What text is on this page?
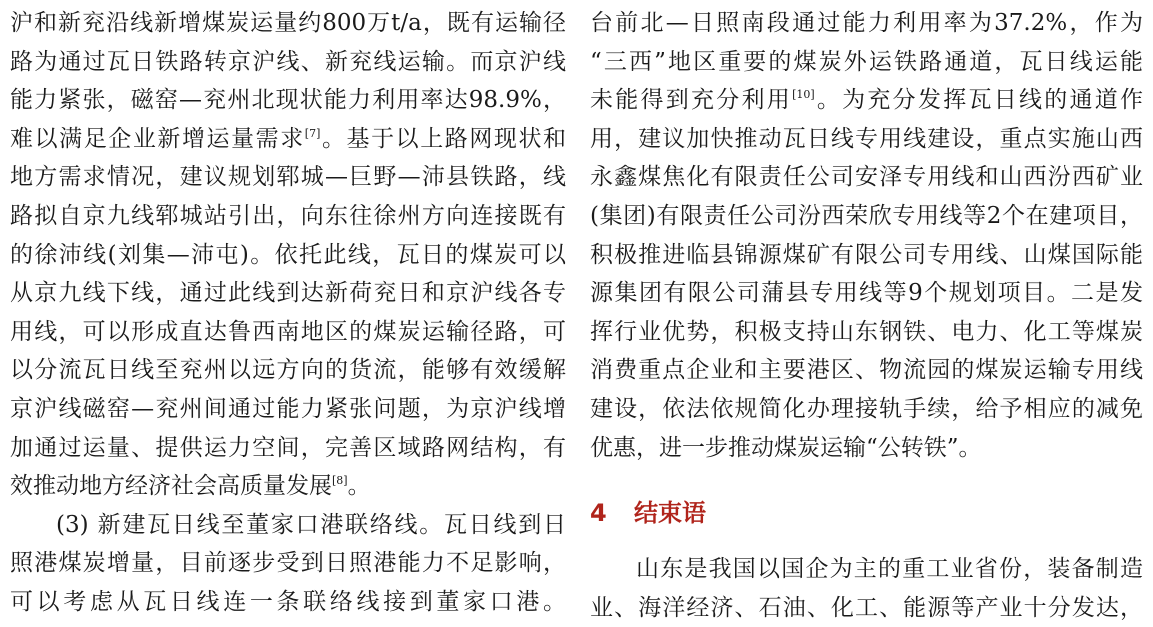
沪和新兖沿线新增煤炭运量约800万t/a，既有运输径
路为通过瓦日铁路转京沪线、新兖线运输。而京沪线
能力紧张，磁窑—兖州北现状能力利用率达98.9%，
难以满足企业新增运量需求[7]。基于以上路网现状和
地方需求情况，建议规划郓城—巨野—沛县铁路，线
路拟自京九线郓城站引出，向东往徐州方向连接既有
的徐沛线(刘集—沛屯)。依托此线，瓦日的煤炭可以
从京九线下线，通过此线到达新荷兖日和京沪线各专
用线，可以形成直达鲁西南地区的煤炭运输径路，可
以分流瓦日线至兖州以远方向的货流，能够有效缓解
京沪线磁窑—兖州间通过能力紧张问题，为京沪线增
加通过运量、提供运力空间，完善区域路网结构，有
效推动地方经济社会高质量发展[8]。
(3) 新建瓦日线至董家口港联络线。瓦日线到日
照港煤炭增量，目前逐步受到日照港能力不足影响，
可以考虑从瓦日线连一条联络线接到董家口港。
台前北—日照南段通过能力利用率为37.2%，作为
“三西”地区重要的煤炭外运铁路通道，瓦日线运能
未能得到充分利用[10]。为充分发挥瓦日线的通道作
用，建议加快推动瓦日线专用线建设，重点实施山西
永鑫煤焦化有限责任公司安泽专用线和山西汾西矿业
(集团)有限责任公司汾西荣欣专用线等2个在建项目，
积极推进临县锦源煤矿有限公司专用线、山煤国际能
源集团有限公司蒲县专用线等9个规划项目。二是发
挥行业优势，积极支持山东钢铁、电力、化工等煤炭
消费重点企业和主要港区、物流园的煤炭运输专用线
建设，依法依规简化办理接轨手续，给予相应的减免
优惠，进一步推动煤炭运输“公转铁”。
4 结束语
山东是我国以国企为主的重工业省份，装备制造
业、海洋经济、石油、化工、能源等产业十分发达，
